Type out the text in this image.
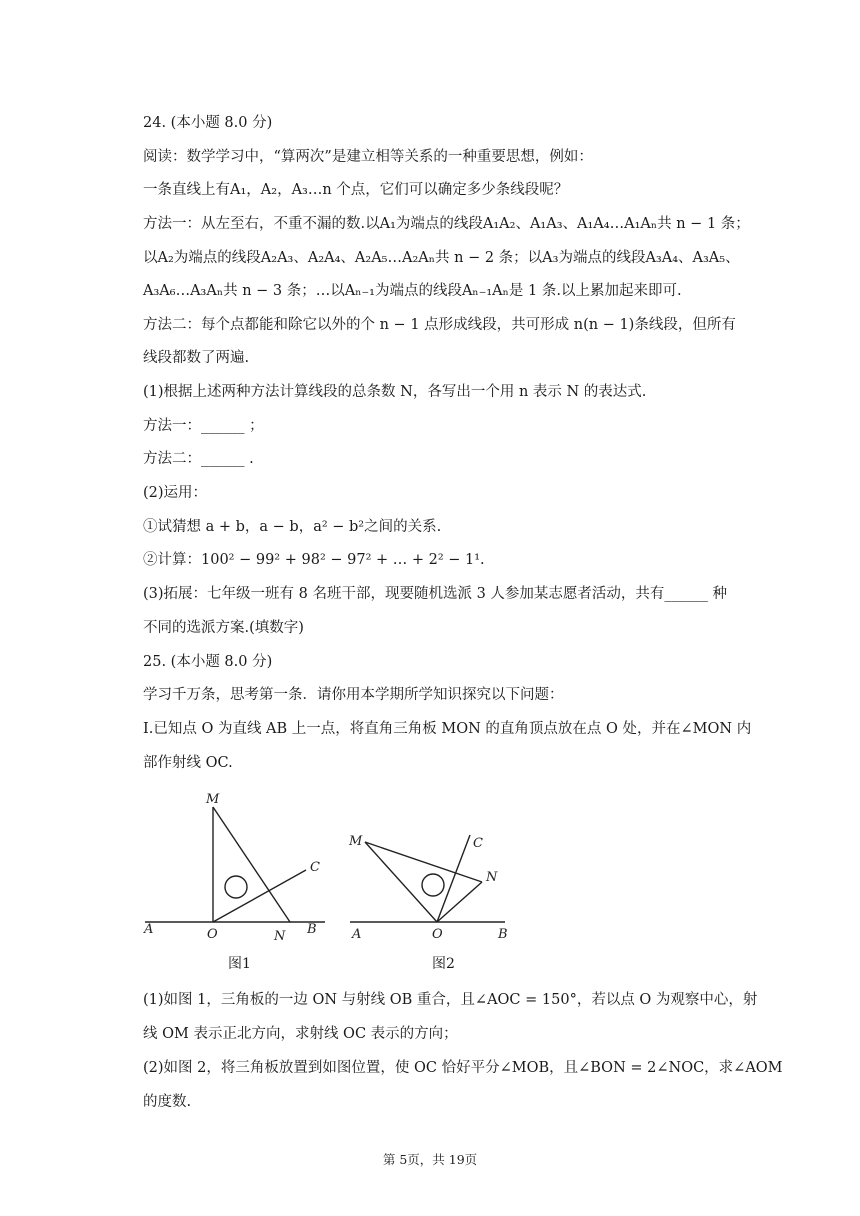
24. (本小题 8.0 分)
阅读：数学学习中，“算两次”是建立相等关系的一种重要思想，例如：
一条直线上有A₁，A₂，A₃…n 个点，它们可以确定多少条线段呢？
方法一：从左至右，不重不漏的数.以A₁为端点的线段A₁A₂、A₁A₃、A₁A₄…A₁Aₙ共 n − 1 条；
以A₂为端点的线段A₂A₃、A₂A₄、A₂A₅…A₂Aₙ共 n − 2 条；以A₃为端点的线段A₃A₄、A₃A₅、
A₃A₆…A₃Aₙ共 n − 3 条；…以Aₙ₋₁为端点的线段Aₙ₋₁Aₙ是 1 条.以上累加起来即可.
方法二：每个点都能和除它以外的个 n − 1 点形成线段，共可形成 n(n − 1)条线段，但所有
线段都数了两遍.
(1)根据上述两种方法计算线段的总条数 N，各写出一个用 n 表示 N 的表达式.
方法一：______ ；
方法二：______ .
(2)运用：
①试猜想 a + b，a − b，a² − b²之间的关系.
②计算：100² − 99² + 98² − 97² + … + 2² − 1¹.
(3)拓展：七年级一班有 8 名班干部，现要随机选派 3 人参加某志愿者活动，共有______ 种
不同的选派方案.(填数字)
25. (本小题 8.0 分)
学习千万条，思考第一条．请你用本学期所学知识探究以下问题：
Ⅰ.已知点 O 为直线 AB 上一点，将直角三角板 MON 的直角顶点放在点 O 处，并在∠MON 内
部作射线 OC.
M
C
A	O	N B
图1
M	C
N
A	O	B
图2
(1)如图 1，三角板的一边 ON 与射线 OB 重合，且∠AOC = 150°，若以点 O 为观察中心，射
线 OM 表示正北方向，求射线 OC 表示的方向；
(2)如图 2，将三角板放置到如图位置，使 OC 恰好平分∠MOB，且∠BON = 2∠NOC，求∠AOM
的度数.
第 5页，共 19页
